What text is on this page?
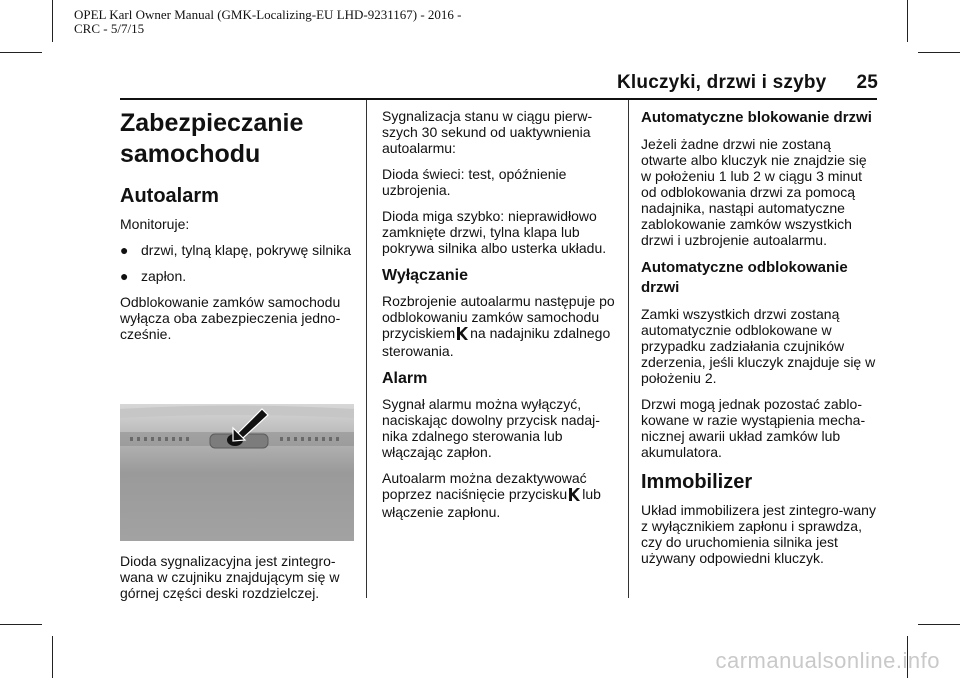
OPEL Karl Owner Manual (GMK-Localizing-EU LHD-9231167) - 2016 -
CRC - 5/7/15
Kluczyki, drzwi i szyby 25
Zabezpieczanie samochodu
Autoalarm

Monitoruje:

● drzwi, tylną klapę, pokrywę silnika
● zapłon.

Odblokowanie zamków samochodu wyłącza oba zabezpieczenia jedno-cześnie.

Dioda sygnalizacyjna jest zintegro-wana w czujniku znajdującym się w górnej części deski rozdzielczej.

Sygnalizacja stanu w ciągu pierw-szych 30 sekund od uaktywnienia autoalarmu:

Dioda świeci: test, opóźnienie uzbrojenia.

Dioda miga szybko: nieprawidłowo zamknięte drzwi, tylna klapa lub pokrywa silnika albo usterka układu.

Wyłączanie

Rozbrojenie autoalarmu następuje po odblokowaniu zamków samochodu przyciskiem na nadajniku zdalnego sterowania.

Alarm

Sygnał alarmu można wyłączyć, naciskając dowolny przycisk nadaj-nika zdalnego sterowania lub włączając zapłon.

Autoalarm można dezaktywować poprzez naciśnięcie przycisku lub włączenie zapłonu.

Automatyczne blokowanie drzwi

Jeżeli żadne drzwi nie zostaną otwarte albo kluczyk nie znajdzie się w położeniu 1 lub 2 w ciągu 3 minut od odblokowania drzwi za pomocą nadajnika, nastąpi automatyczne zablokowanie zamków wszystkich drzwi i uzbrojenie autoalarmu.

Automatyczne odblokowanie drzwi

Zamki wszystkich drzwi zostaną automatycznie odblokowane w przypadku zadziałania czujników zderzenia, jeśli kluczyk znajduje się w położeniu 2.

Drzwi mogą jednak pozostać zablo-kowane w razie wystąpienia mecha-nicznej awarii układ zamków lub akumulatora.

Immobilizer

Układ immobilizera jest zintegro-wany z wyłącznikiem zapłonu i sprawdza, czy do uruchomienia silnika jest używany odpowiedni kluczyk.

carmanualsonline.info
